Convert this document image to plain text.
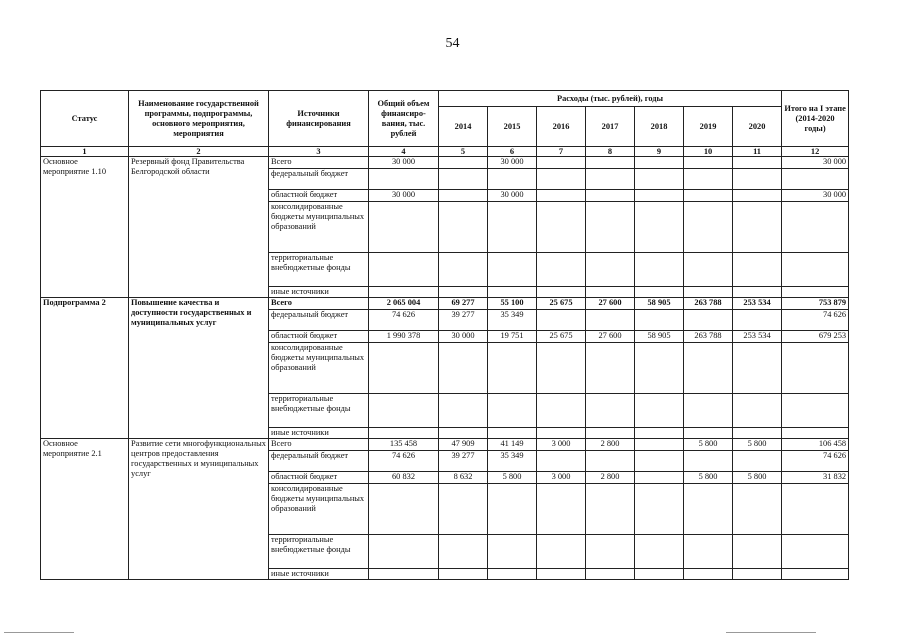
54
Статус	Наименование государственной программы, подпрограммы, основного мероприятия, мероприятия	Источники финансирования	Общий объем финансиро-вания, тыс. рублей	Расходы (тыс. рублей), годы							Итого на I этапе (2014-2020 годы)
				2014	2015	2016	2017	2018	2019	2020	
1	2	3	4	5	6	7	8	9	10	11	12
Основное мероприятие 1.10	Резервный фонд Правительства Белгородской области	Всего	30 000		30 000						30 000
		федеральный бюджет									
		областной бюджет	30 000		30 000						30 000
		консолидированные бюджеты муниципальных образований									
		территориальные внебюджетные фонды									
		иные источники									
Подпрограмма 2	Повышение качества и доступности государственных и муниципальных услуг	Всего	2 065 004	69 277	55 100	25 675	27 600	58 905	263 788	253 534	753 879
		федеральный бюджет	74 626	39 277	35 349						74 626
		областной бюджет	1 990 378	30 000	19 751	25 675	27 600	58 905	263 788	253 534	679 253
		консолидированные бюджеты муниципальных образований									
		территориальные внебюджетные фонды									
		иные источники									
Основное мероприятие 2.1	Развитие сети многофункциональных центров предоставления государственных и муниципальных услуг	Всего	135 458	47 909	41 149	3 000	2 800		5 800	5 800	106 458
		федеральный бюджет	74 626	39 277	35 349						74 626
		областной бюджет	60 832	8 632	5 800	3 000	2 800		5 800	5 800	31 832
		консолидированные бюджеты муниципальных образований									
		территориальные внебюджетные фонды									
		иные источники									
